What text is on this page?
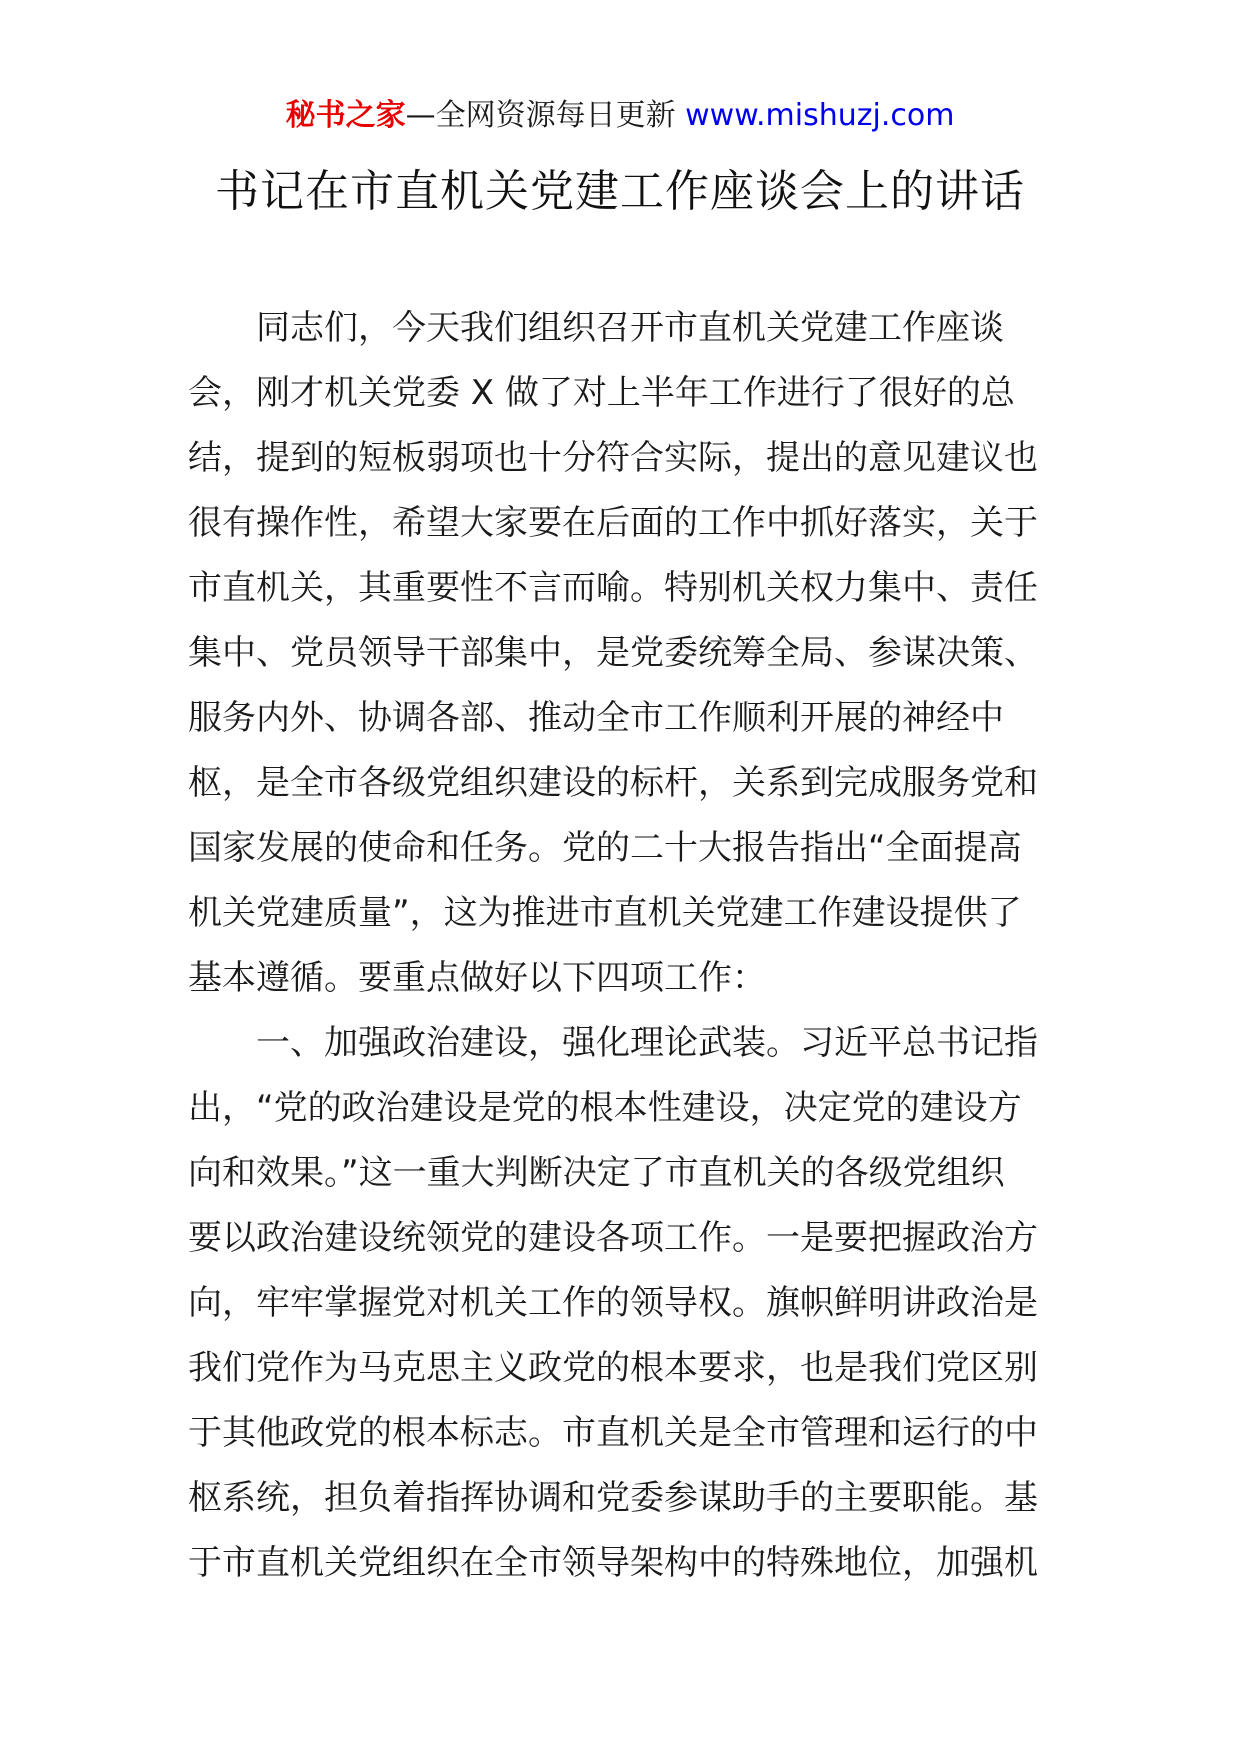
秘书之家—全网资源每日更新 www.mishuzj.com
书记在市直机关党建工作座谈会上的讲话
同志们，今天我们组织召开市直机关党建工作座谈
会，刚才机关党委 X 做了对上半年工作进行了很好的总
结，提到的短板弱项也十分符合实际，提出的意见建议也
很有操作性，希望大家要在后面的工作中抓好落实，关于
市直机关，其重要性不言而喻。特别机关权力集中、责任
集中、党员领导干部集中，是党委统筹全局、参谋决策、
服务内外、协调各部、推动全市工作顺利开展的神经中
枢，是全市各级党组织建设的标杆，关系到完成服务党和
国家发展的使命和任务。党的二十大报告指出“全面提高
机关党建质量”，这为推进市直机关党建工作建设提供了
基本遵循。要重点做好以下四项工作：
一、加强政治建设，强化理论武装。习近平总书记指
出，“党的政治建设是党的根本性建设，决定党的建设方
向和效果。”这一重大判断决定了市直机关的各级党组织
要以政治建设统领党的建设各项工作。一是要把握政治方
向，牢牢掌握党对机关工作的领导权。旗帜鲜明讲政治是
我们党作为马克思主义政党的根本要求，也是我们党区别
于其他政党的根本标志。市直机关是全市管理和运行的中
枢系统，担负着指挥协调和党委参谋助手的主要职能。基
于市直机关党组织在全市领导架构中的特殊地位，加强机
